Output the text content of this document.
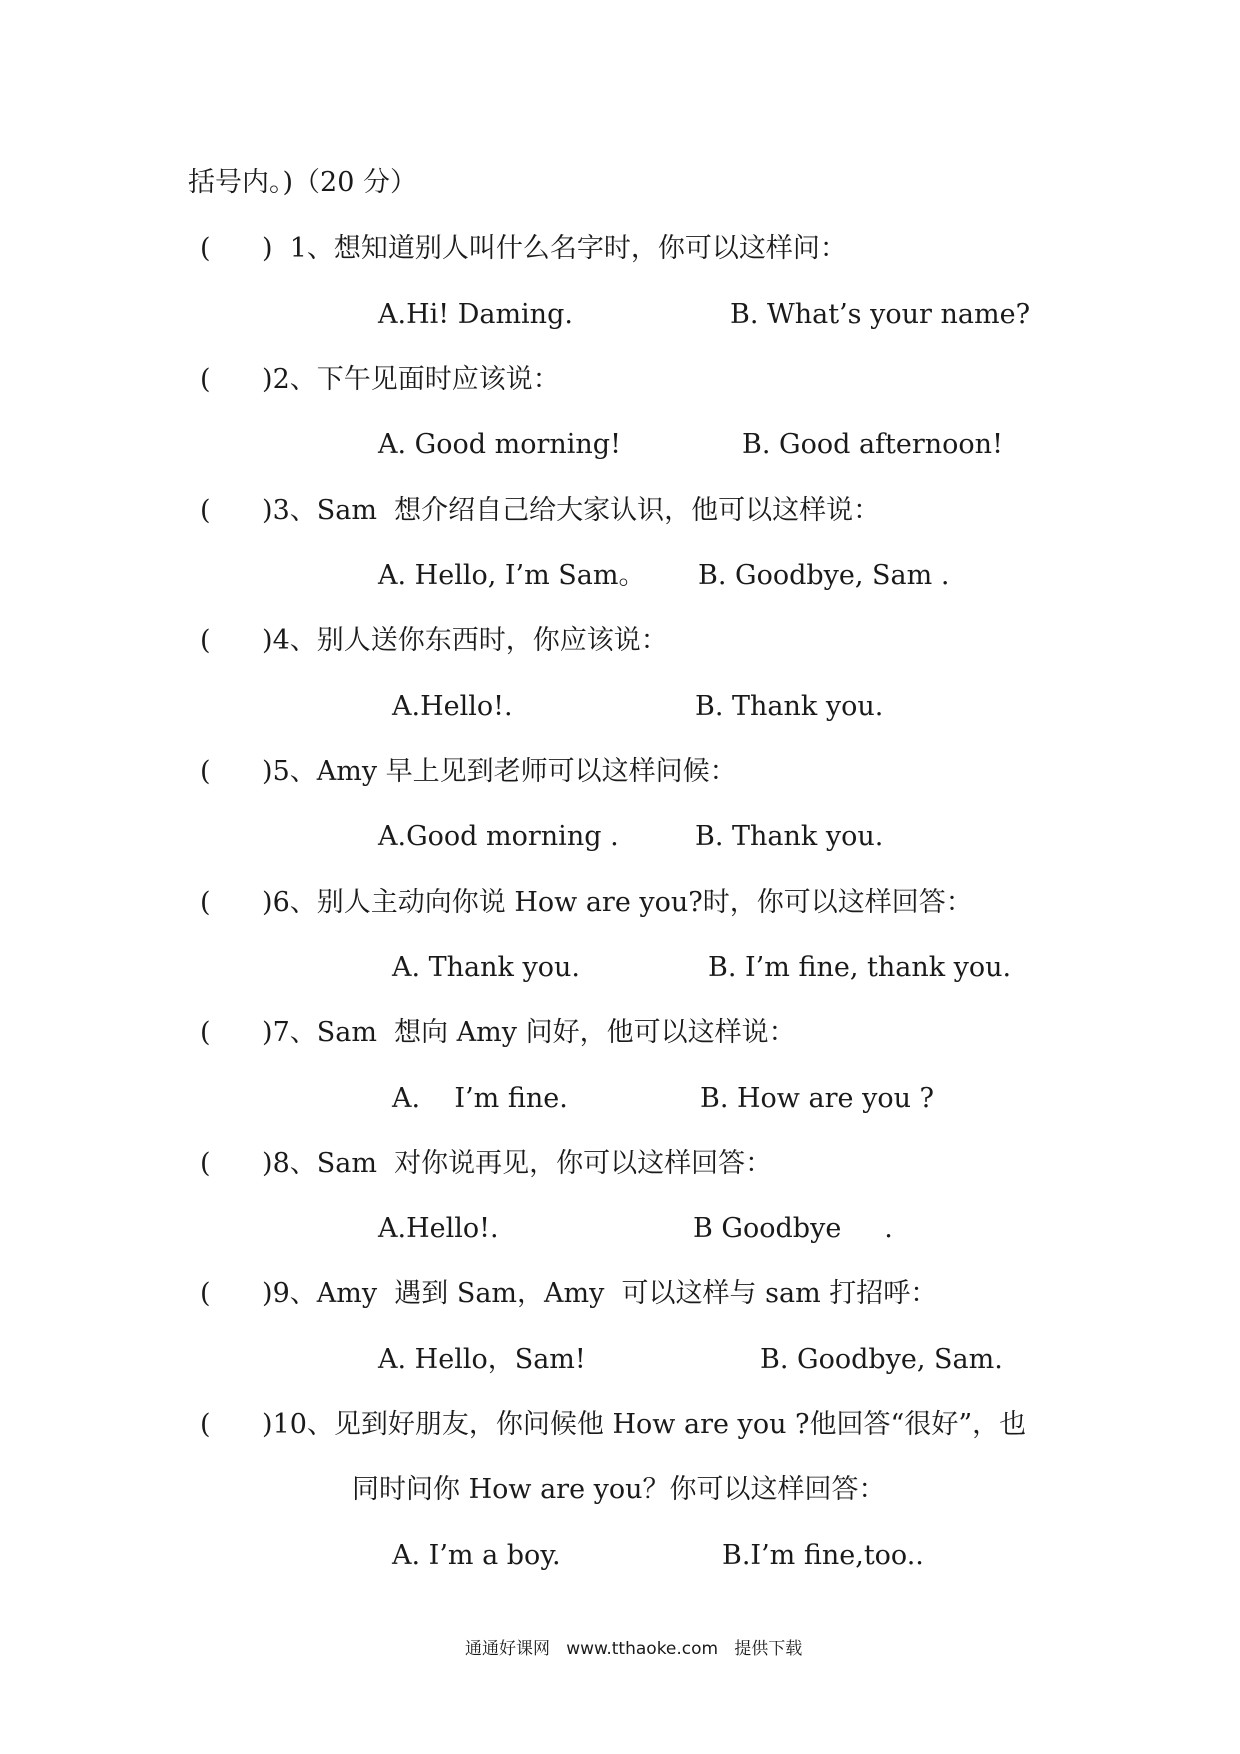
括号内。)（20 分）
(      )  1、想知道别人叫什么名字时，你可以这样问：
A.Hi! Daming.	B. What’s your name?
(      )2、下午见面时应该说：
A. Good morning!	B. Good afternoon!
(      )3、Sam  想介绍自己给大家认识，他可以这样说：
A. Hello, I’m Sam。 B. Goodbye, Sam .
(      )4、别人送你东西时，你应该说：
A.Hello!.	B. Thank you.
(      )5、Amy 早上见到老师可以这样问候：
A.Good morning .	B. Thank you.
(      )6、别人主动向你说 How are you?时，你可以这样回答：
A. Thank you.	B. I’m fine, thank you.
(      )7、Sam  想向 Amy 问好，他可以这样说：
A.    I’m fine.	B. How are you ?
(      )8、Sam  对你说再见，你可以这样回答：
A.Hello!.	B Goodbye     .
(      )9、Amy  遇到 Sam，Amy  可以这样与 sam 打招呼：
A. Hello，Sam!	B. Goodbye, Sam.
(      )10、见到好朋友，你问候他 How are you ?他回答“很好”，也
同时问你 How are you？你可以这样回答：
A. I’m a boy.	B.I’m fine,too..
通通好课网   www.tthaoke.com   提供下载
